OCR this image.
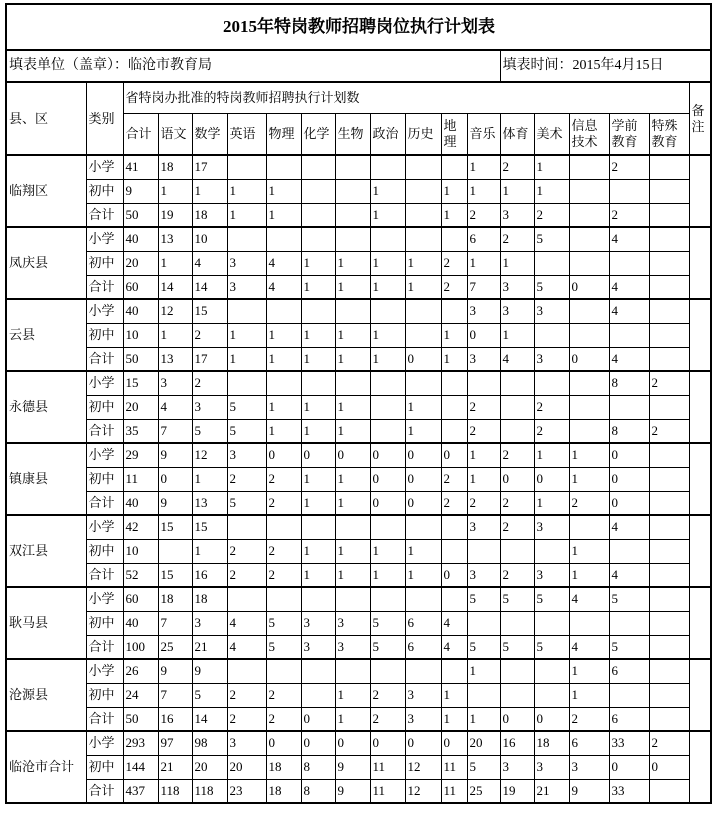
2015年特岗教师招聘岗位执行计划表																		
填表单位（盖章）：临沧市教育局													填表时间：2015年4月15日					
县、区	类别	省特岗办批准的特岗教师招聘执行计划数																备注
		合计	语文	数学	英语	物理	化学	生物	政治	历史	地理	音乐	体育	美术	信息技术	学前教育	特殊教育	
临翔区	小学	41	18	17								1	2	1		2		
	初中	9	1	1	1	1			1		1	1	1	1				
	合计	50	19	18	1	1			1		1	2	3	2		2		
凤庆县	小学	40	13	10								6	2	5		4		
	初中	20	1	4	3	4	1	1	1	1	2	1	1					
	合计	60	14	14	3	4	1	1	1	1	2	7	3	5	0	4		
云县	小学	40	12	15								3	3	3		4		
	初中	10	1	2	1	1	1	1	1		1	0	1					
	合计	50	13	17	1	1	1	1	1	0	1	3	4	3	0	4		
永德县	小学	15	3	2												8	2	
	初中	20	4	3	5	1	1	1		1		2		2				
	合计	35	7	5	5	1	1	1		1		2		2		8	2	
镇康县	小学	29	9	12	3	0	0	0	0	0	0	1	2	1	1	0		
	初中	11	0	1	2	2	1	1	0	0	2	1	0	0	1	0		
	合计	40	9	13	5	2	1	1	0	0	2	2	2	1	2	0		
双江县	小学	42	15	15								3	2	3		4		
	初中	10		1	2	2	1	1	1	1					1			
	合计	52	15	16	2	2	1	1	1	1	0	3	2	3	1	4		
耿马县	小学	60	18	18								5	5	5	4	5		
	初中	40	7	3	4	5	3	3	5	6	4							
	合计	100	25	21	4	5	3	3	5	6	4	5	5	5	4	5		
沧源县	小学	26	9	9								1			1	6		
	初中	24	7	5	2	2		1	2	3	1				1			
	合计	50	16	14	2	2	0	1	2	3	1	1	0	0	2	6		
临沧市合计	小学	293	97	98	3	0	0	0	0	0	0	20	16	18	6	33	2	
	初中	144	21	20	20	18	8	9	11	12	11	5	3	3	3	0	0	
	合计	437	118	118	23	18	8	9	11	12	11	25	19	21	9	33		
